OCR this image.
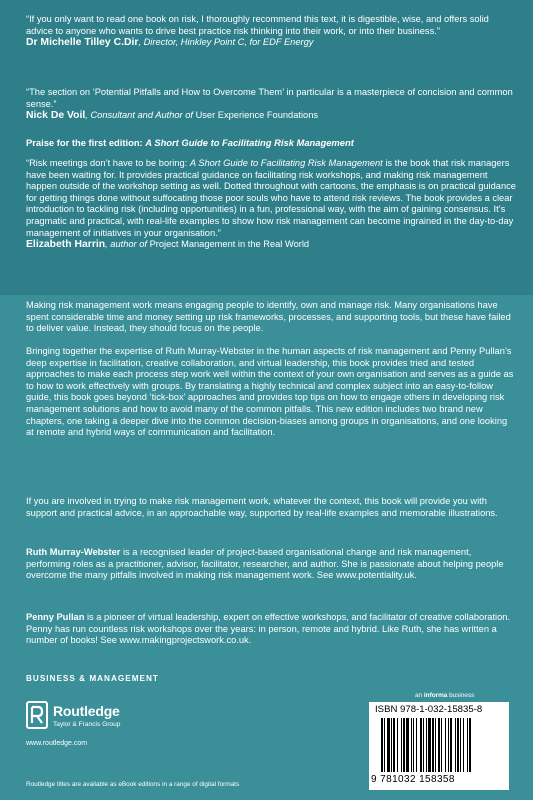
“If you only want to read one book on risk, I thoroughly recommend this text, it is digestible, wise, and offers solid advice to anyone who wants to drive best practice risk thinking into their work, or into their business.”

Dr Michelle Tilley C.Dir, Director, Hinkley Point C, for EDF Energy

“The section on ‘Potential Pitfalls and How to Overcome Them’ in particular is a masterpiece of concision and common sense.”

Nick De Voil, Consultant and Author of User Experience Foundations

Praise for the first edition: A Short Guide to Facilitating Risk Management

“Risk meetings don’t have to be boring: A Short Guide to Facilitating Risk Management is the book that risk managers have been waiting for. It provides practical guidance on facilitating risk workshops, and making risk management happen outside of the workshop setting as well. Dotted throughout with cartoons, the emphasis is on practical guidance for getting things done without suffocating those poor souls who have to attend risk reviews. The book provides a clear introduction to tackling risk (including opportunities) in a fun, professional way, with the aim of gaining consensus. It’s pragmatic and practical, with real-life examples to show how risk management can become ingrained in the day-to-day management of initiatives in your organisation.”

Elizabeth Harrin, author of Project Management in the Real World

Making risk management work means engaging people to identify, own and manage risk. Many organisations have spent considerable time and money setting up risk frameworks, processes, and supporting tools, but these have failed to deliver value. Instead, they should focus on the people.

Bringing together the expertise of Ruth Murray-Webster in the human aspects of risk management and Penny Pullan’s deep expertise in facilitation, creative collaboration, and virtual leadership, this book provides tried and tested approaches to make each process step work well within the context of your own organisation and serves as a guide as to how to work effectively with groups. By translating a highly technical and complex subject into an easy-to-follow guide, this book goes beyond ‘tick-box’ approaches and provides top tips on how to engage others in developing risk management solutions and how to avoid many of the common pitfalls. This new edition includes two brand new chapters, one taking a deeper dive into the common decision-biases among groups in organisations, and one looking at remote and hybrid ways of communication and facilitation.

If you are involved in trying to make risk management work, whatever the context, this book will provide you with support and practical advice, in an approachable way, supported by real-life examples and memorable illustrations.

Ruth Murray-Webster is a recognised leader of project-based organisational change and risk management, performing roles as a practitioner, advisor, facilitator, researcher, and author. She is passionate about helping people overcome the many pitfalls involved in making risk management work. See www.potentiality.uk.

Penny Pullan is a pioneer of virtual leadership, expert on effective workshops, and facilitator of creative collaboration. Penny has run countless risk workshops over the years: in person, remote and hybrid. Like Ruth, she has written a number of books! See www.makingprojectswork.co.uk.

BUSINESS & MANAGEMENT
Routledge
Taylor & Francis Group
www.routledge.com
an informa business
ISBN 978-1-032-15835-8
9 781032 158358
Routledge titles are available as eBook editions in a range of digital formats
